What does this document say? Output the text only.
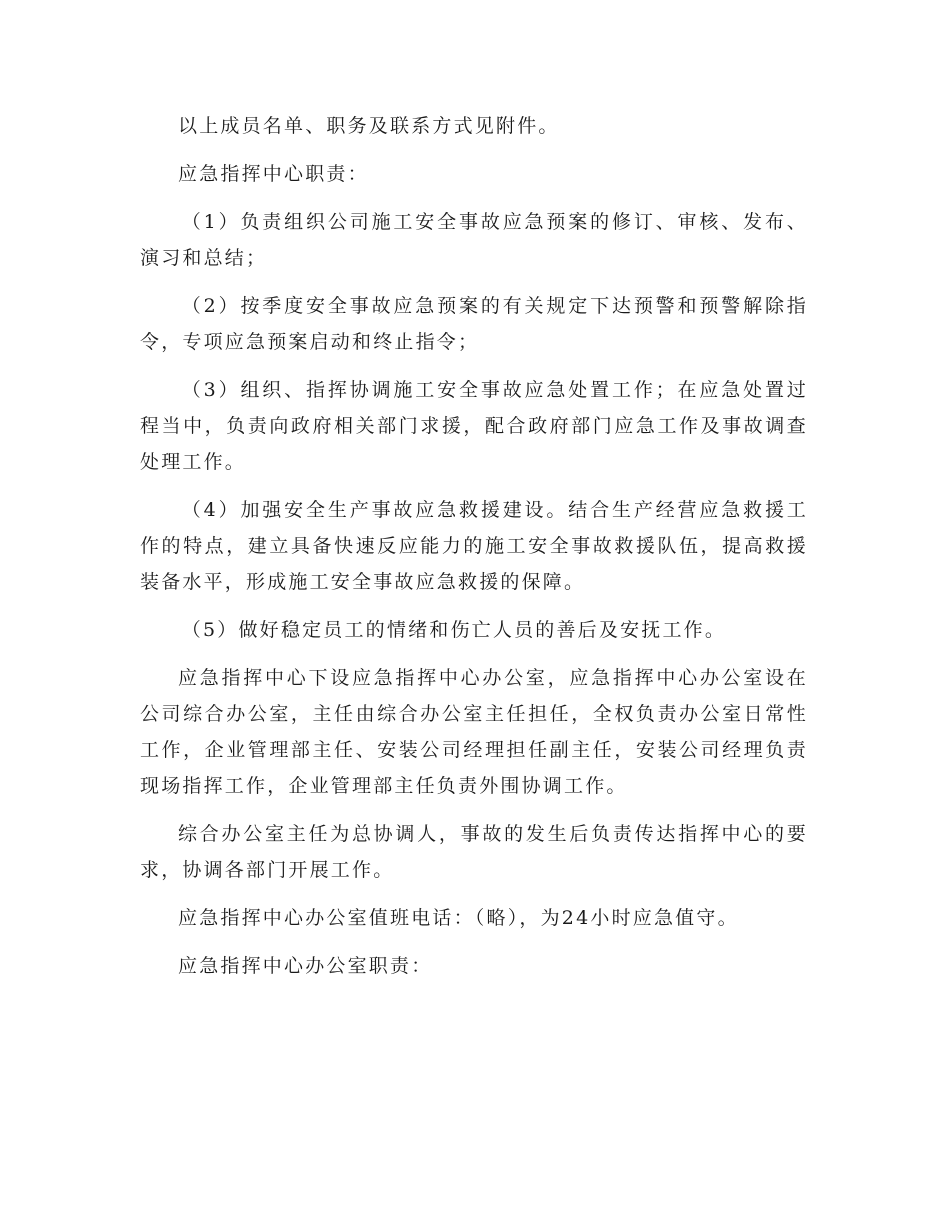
以上成员名单、职务及联系方式见附件。

应急指挥中心职责：

（1）负责组织公司施工安全事故应急预案的修订、审核、发布、演习和总结；

（2）按季度安全事故应急预案的有关规定下达预警和预警解除指令，专项应急预案启动和终止指令；

（3）组织、指挥协调施工安全事故应急处置工作；在应急处置过程当中，负责向政府相关部门求援，配合政府部门应急工作及事故调查处理工作。

（4）加强安全生产事故应急救援建设。结合生产经营应急救援工作的特点，建立具备快速反应能力的施工安全事故救援队伍，提高救援装备水平，形成施工安全事故应急救援的保障。

（5）做好稳定员工的情绪和伤亡人员的善后及安抚工作。

应急指挥中心下设应急指挥中心办公室，应急指挥中心办公室设在公司综合办公室，主任由综合办公室主任担任，全权负责办公室日常性工作，企业管理部主任、安装公司经理担任副主任，安装公司经理负责现场指挥工作，企业管理部主任负责外围协调工作。

综合办公室主任为总协调人，事故的发生后负责传达指挥中心的要求，协调各部门开展工作。

应急指挥中心办公室值班电话：（略），为24小时应急值守。

应急指挥中心办公室职责：
